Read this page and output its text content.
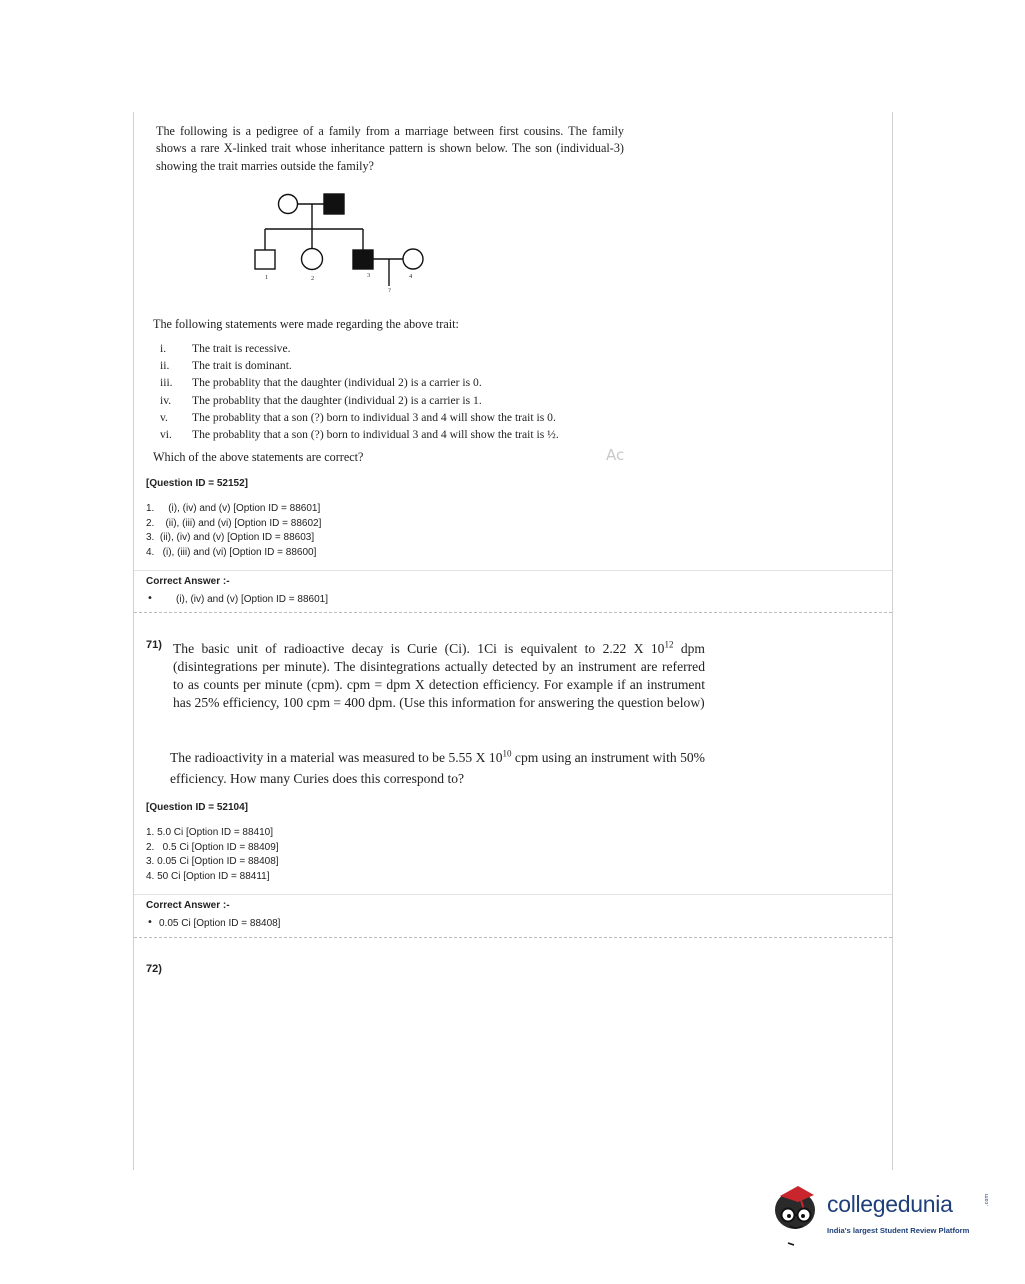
The following is a pedigree of a family from a marriage between first cousins. The family shows a rare X-linked trait whose inheritance pattern is shown below. The son (individual-3) showing the trait marries outside the family?
1	2	3	4
?
The following statements were made regarding the above trait:
i.	The trait is recessive.
ii.	The trait is dominant.
iii.	The probablity that the daughter (individual 2) is a carrier is 0.
iv.	The probablity that the daughter (individual 2) is a carrier is 1.
v.	The probablity that a son (?) born to individual 3 and 4 will show the trait is 0.
vi.	The probablity that a son (?) born to individual 3 and 4 will show the trait is ½.
Which of the above statements are correct?	Ac
[Question ID = 52152]
1.     (i), (iv) and (v) [Option ID = 88601]
2.    (ii), (iii) and (vi) [Option ID = 88602]
3.  (ii), (iv) and (v) [Option ID = 88603]
4.   (i), (iii) and (vi) [Option ID = 88600]
Correct Answer :-
• (i), (iv) and (v) [Option ID = 88601]
71) The basic unit of radioactive decay is Curie (Ci). 1Ci is equivalent to 2.22 X $10^{12}$ dpm (disintegrations per minute). The disintegrations actually detected by an instrument are referred to as counts per minute (cpm). cpm = dpm X detection efficiency. For example if an instrument has 25% efficiency, 100 cpm = 400 dpm. (Use this information for answering the question below)
The radioactivity in a material was measured to be 5.55 X $10^{10}$ cpm using an instrument with 50% efficiency. How many Curies does this correspond to?
[Question ID = 52104]
1. 5.0 Ci [Option ID = 88410]
2.   0.5 Ci [Option ID = 88409]
3. 0.05 Ci [Option ID = 88408]
4. 50 Ci [Option ID = 88411]
Correct Answer :-
• 0.05 Ci [Option ID = 88408]
72)
collegedunia	.com
India's largest Student Review Platform
